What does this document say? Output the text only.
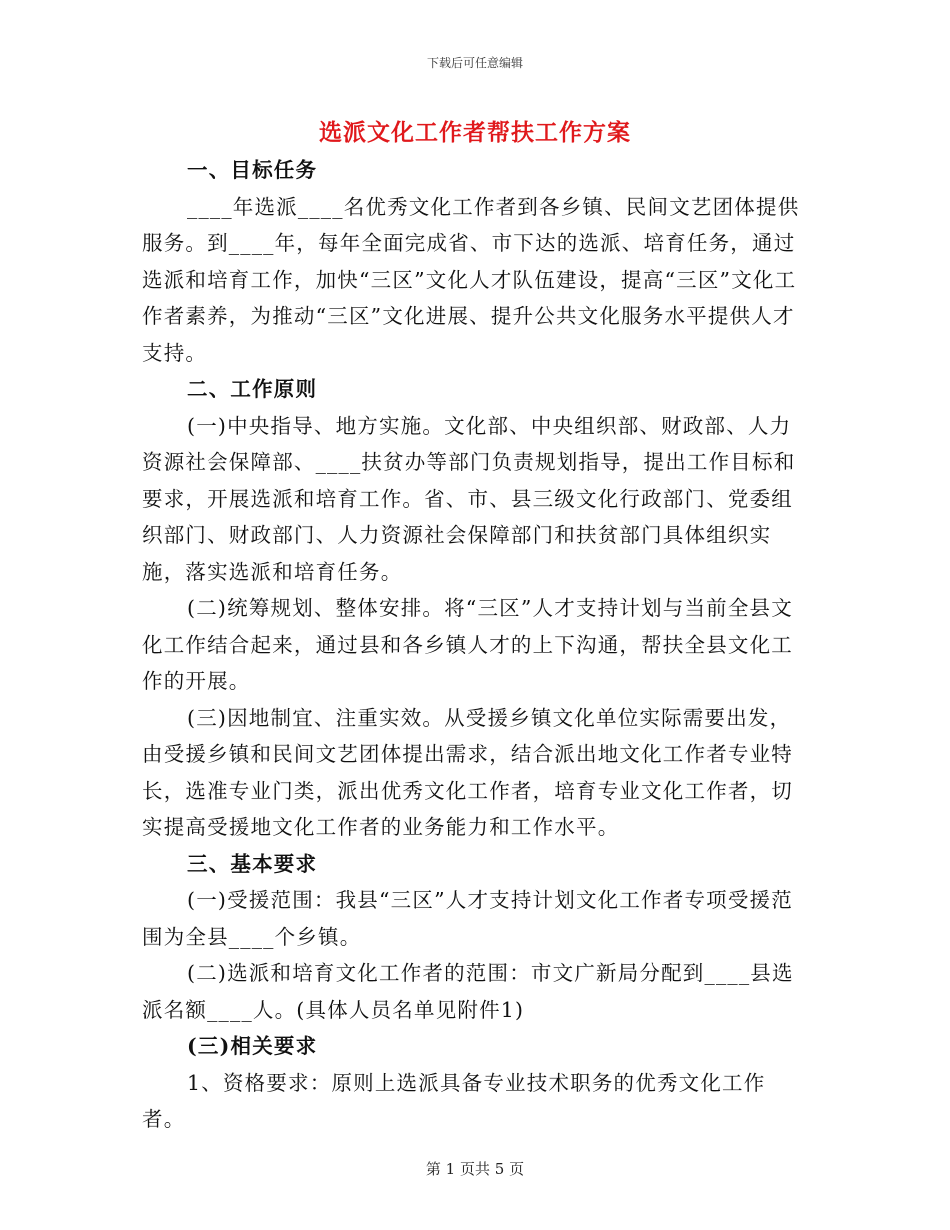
下载后可任意编辑
选派文化工作者帮扶工作方案

一、目标任务

____年选派____名优秀文化工作者到各乡镇、民间文艺团体提供服务。到____年，每年全面完成省、市下达的选派、培育任务，通过选派和培育工作，加快“三区”文化人才队伍建设，提高“三区”文化工作者素养，为推动“三区”文化进展、提升公共文化服务水平提供人才支持。

二、工作原则

(一)中央指导、地方实施。文化部、中央组织部、财政部、人力资源社会保障部、____扶贫办等部门负责规划指导，提出工作目标和要求，开展选派和培育工作。省、市、县三级文化行政部门、党委组织部门、财政部门、人力资源社会保障部门和扶贫部门具体组织实施，落实选派和培育任务。

(二)统筹规划、整体安排。将“三区”人才支持计划与当前全县文化工作结合起来，通过县和各乡镇人才的上下沟通，帮扶全县文化工作的开展。

(三)因地制宜、注重实效。从受援乡镇文化单位实际需要出发，由受援乡镇和民间文艺团体提出需求，结合派出地文化工作者专业特长，选准专业门类，派出优秀文化工作者，培育专业文化工作者，切实提高受援地文化工作者的业务能力和工作水平。

三、基本要求

(一)受援范围：我县“三区”人才支持计划文化工作者专项受援范围为全县____个乡镇。

(二)选派和培育文化工作者的范围：市文广新局分配到____县选派名额____人。(具体人员名单见附件1)

(三)相关要求

1、资格要求：原则上选派具备专业技术职务的优秀文化工作者。

第 1 页共 5 页
